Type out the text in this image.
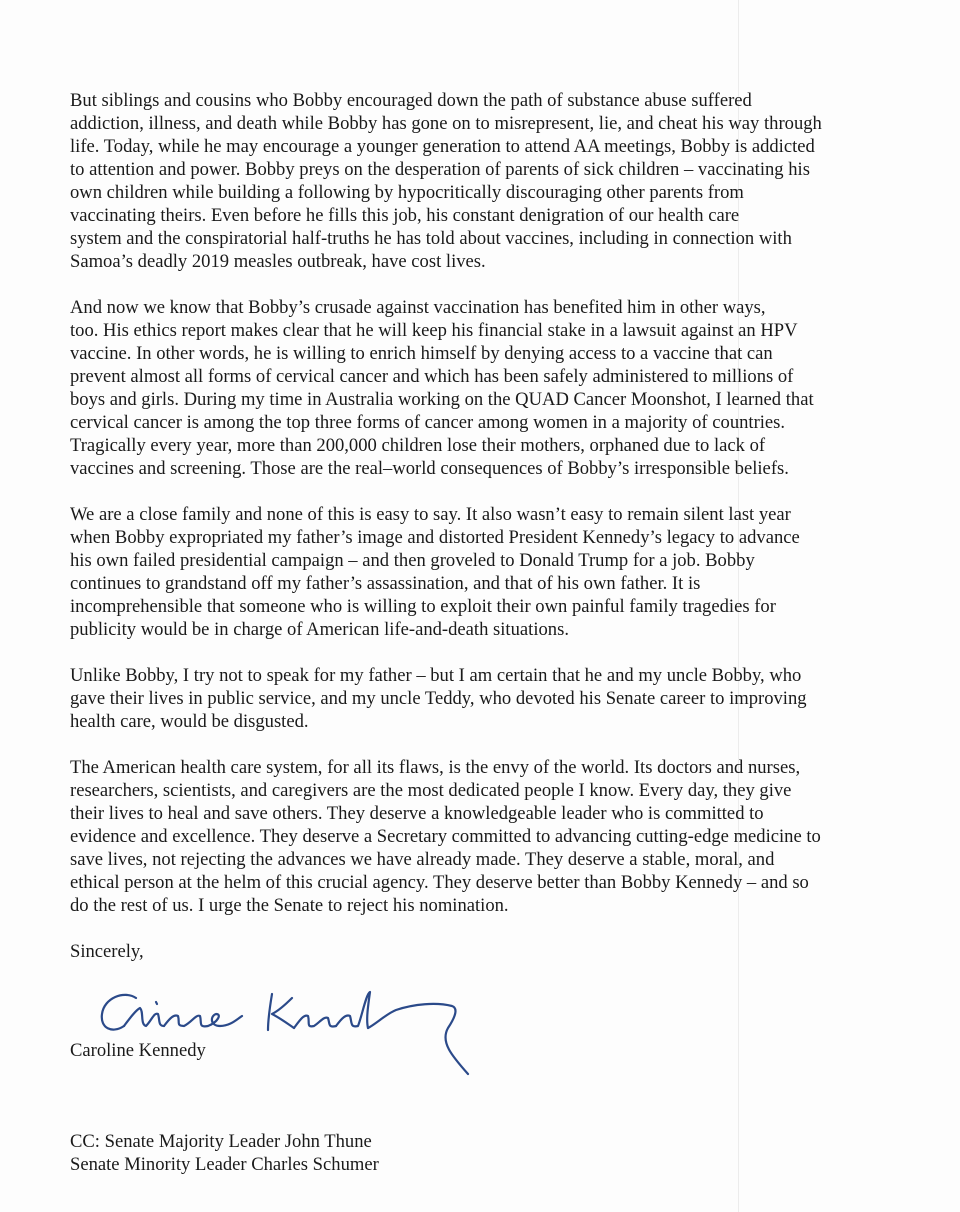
But siblings and cousins who Bobby encouraged down the path of substance abuse suffered
addiction, illness, and death while Bobby has gone on to misrepresent, lie, and cheat his way through
life. Today, while he may encourage a younger generation to attend AA meetings, Bobby is addicted
to attention and power. Bobby preys on the desperation of parents of sick children – vaccinating his
own children while building a following by hypocritically discouraging other parents from
vaccinating theirs. Even before he fills this job, his constant denigration of our health care
system and the conspiratorial half-truths he has told about vaccines, including in connection with
Samoa’s deadly 2019 measles outbreak, have cost lives.
And now we know that Bobby’s crusade against vaccination has benefited him in other ways,
too. His ethics report makes clear that he will keep his financial stake in a lawsuit against an HPV
vaccine. In other words, he is willing to enrich himself by denying access to a vaccine that can
prevent almost all forms of cervical cancer and which has been safely administered to millions of
boys and girls. During my time in Australia working on the QUAD Cancer Moonshot, I learned that
cervical cancer is among the top three forms of cancer among women in a majority of countries.
Tragically every year, more than 200,000 children lose their mothers, orphaned due to lack of
vaccines and screening. Those are the real–world consequences of Bobby’s irresponsible beliefs.
We are a close family and none of this is easy to say. It also wasn’t easy to remain silent last year
when Bobby expropriated my father’s image and distorted President Kennedy’s legacy to advance
his own failed presidential campaign – and then groveled to Donald Trump for a job. Bobby
continues to grandstand off my father’s assassination, and that of his own father. It is
incomprehensible that someone who is willing to exploit their own painful family tragedies for
publicity would be in charge of American life-and-death situations.
Unlike Bobby, I try not to speak for my father – but I am certain that he and my uncle Bobby, who
gave their lives in public service, and my uncle Teddy, who devoted his Senate career to improving
health care, would be disgusted.
The American health care system, for all its flaws, is the envy of the world. Its doctors and nurses,
researchers, scientists, and caregivers are the most dedicated people I know. Every day, they give
their lives to heal and save others. They deserve a knowledgeable leader who is committed to
evidence and excellence. They deserve a Secretary committed to advancing cutting-edge medicine to
save lives, not rejecting the advances we have already made. They deserve a stable, moral, and
ethical person at the helm of this crucial agency. They deserve better than Bobby Kennedy – and so
do the rest of us. I urge the Senate to reject his nomination.

Sincerely,

Caroline Kennedy
CC: Senate Majority Leader John Thune
Senate Minority Leader Charles Schumer
